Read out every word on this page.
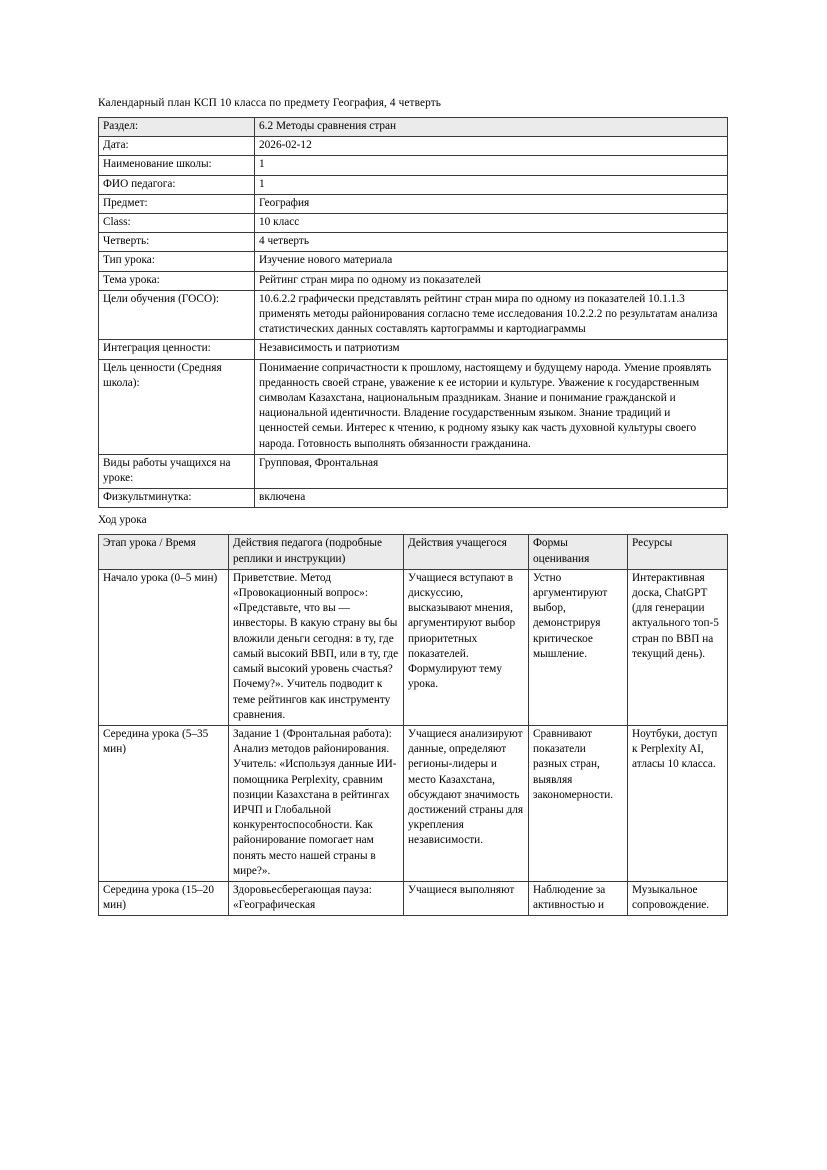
Календарный план КСП 10 класса по предмету География, 4 четверть

Раздел:	6.2 Методы сравнения стран
Дата:	2026-02-12
Наименование школы:	1
ФИО педагога:	1
Предмет:	География
Class:	10 класс
Четверть:	4 четверть
Тип урока:	Изучение нового материала
Тема урока:	Рейтинг стран мира по одному из показателей
Цели обучения (ГОСО):	10.6.2.2 графически представлять рейтинг стран мира по одному из показателей 10.1.1.3 применять методы районирования согласно теме исследования 10.2.2.2 по результатам анализа статистических данных составлять картограммы и картодиаграммы
Интеграция ценности:	Независимость и патриотизм
Цель ценности (Средняя школа):	Понимаение сопричастности к прошлому, настоящему и будущему народа. Умение проявлять преданность своей стране, уважение к ее истории и культуре. Уважение к государственным символам Казахстана, национальным праздникам. Знание и понимание гражданской и национальной идентичности. Владение государственным языком. Знание традиций и ценностей семьи. Интерес к чтению, к родному языку как часть духовной культуры своего народа. Готовность выполнять обязанности гражданина.
Виды работы учащихся на уроке:	Групповая, Фронтальная
Физкультминутка:	включена

Ход урока

Этап урока / Время	Действия педагога (подробные реплики и инструкции)	Действия учащегося	Формы оценивания	Ресурсы
Начало урока (0–5 мин)	Приветствие. Метод «Провокационный вопрос»: «Представьте, что вы — инвесторы. В какую страну вы бы вложили деньги сегодня: в ту, где самый высокий ВВП, или в ту, где самый высокий уровень счастья? Почему?». Учитель подводит к теме рейтингов как инструменту сравнения.	Учащиеся вступают в дискуссию, высказывают мнения, аргументируют выбор приоритетных показателей. Формулируют тему урока.	Устно аргументируют выбор, демонстрируя критическое мышление.	Интерактивная доска, ChatGPT (для генерации актуального топ-5 стран по ВВП на текущий день).
Середина урока (5–35 мин)	Задание 1 (Фронтальная работа): Анализ методов районирования. Учитель: «Используя данные ИИ-помощника Perplexity, сравним позиции Казахстана в рейтингах ИРЧП и Глобальной конкурентоспособности. Как районирование помогает нам понять место нашей страны в мире?».	Учащиеся анализируют данные, определяют регионы-лидеры и место Казахстана, обсуждают значимость достижений страны для укрепления независимости.	Сравнивают показатели разных стран, выявляя закономерности.	Ноутбуки, доступ к Perplexity AI, атласы 10 класса.
Середина урока (15–20 мин)	Здоровьесберегающая пауза: «Географическая	Учащиеся выполняют	Наблюдение за активностью и	Музыкальное сопровождение.
